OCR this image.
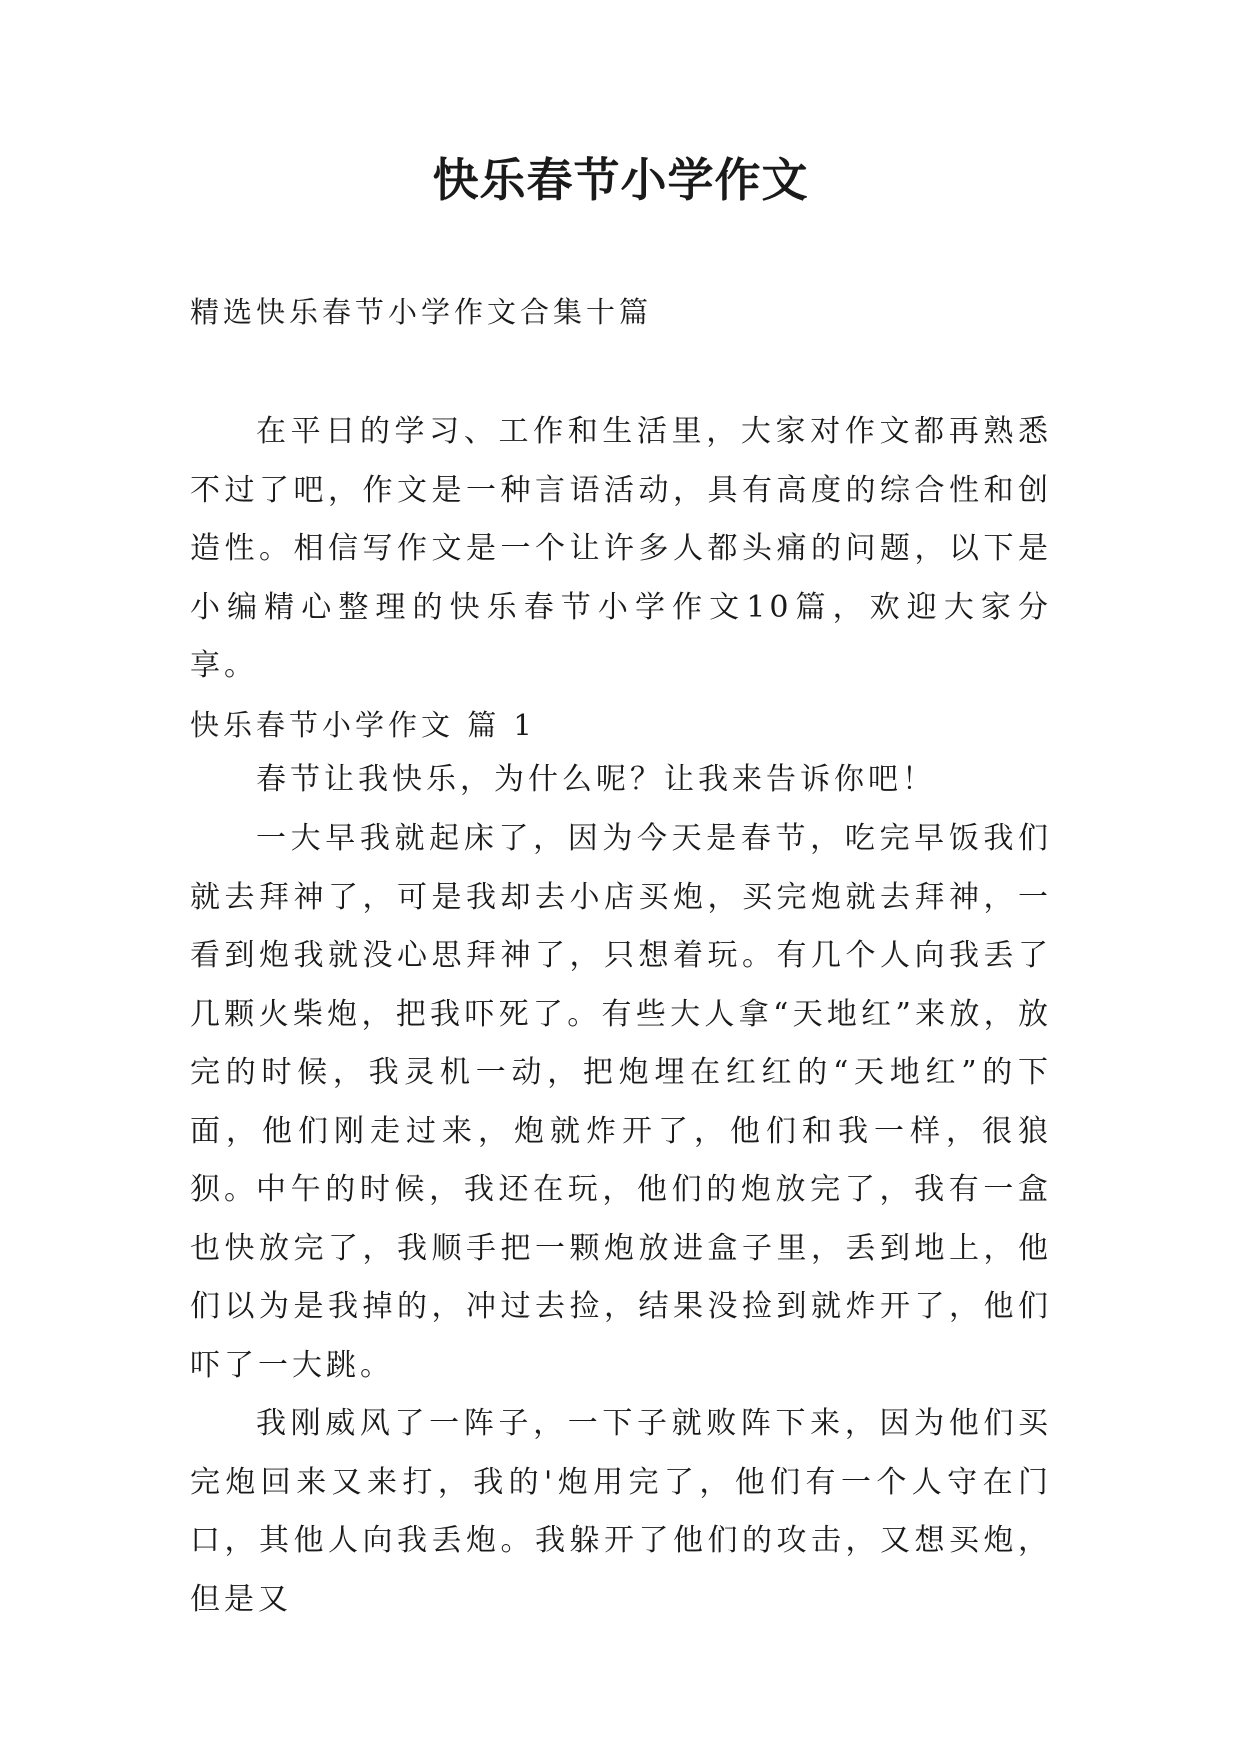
快乐春节小学作文
精选快乐春节小学作文合集十篇

在平日的学习、工作和生活里，大家对作文都再熟悉不过了吧，作文是一种言语活动，具有高度的综合性和创造性。相信写作文是一个让许多人都头痛的问题，以下是小编精心整理的快乐春节小学作文10篇，欢迎大家分享。

快乐春节小学作文 篇 1

春节让我快乐，为什么呢？让我来告诉你吧！

一大早我就起床了，因为今天是春节，吃完早饭我们就去拜神了，可是我却去小店买炮，买完炮就去拜神，一看到炮我就没心思拜神了，只想着玩。有几个人向我丢了几颗火柴炮，把我吓死了。有些大人拿“天地红”来放，放完的时候，我灵机一动，把炮埋在红红的“天地红”的下面，他们刚走过来，炮就炸开了，他们和我一样，很狼狈。

中午的时候，我还在玩，他们的炮放完了，我有一盒也快放完了，我顺手把一颗炮放进盒子里，丢到地上，他们以为是我掉的，冲过去捡，结果没捡到就炸开了，他们吓了一大跳。

我刚威风了一阵子，一下子就败阵下来，因为他们买完炮回来又来打，我的'炮用完了，他们有一个人守在门口，其他人向我丢炮。我躲开了他们的攻击，又想买炮，但是又
